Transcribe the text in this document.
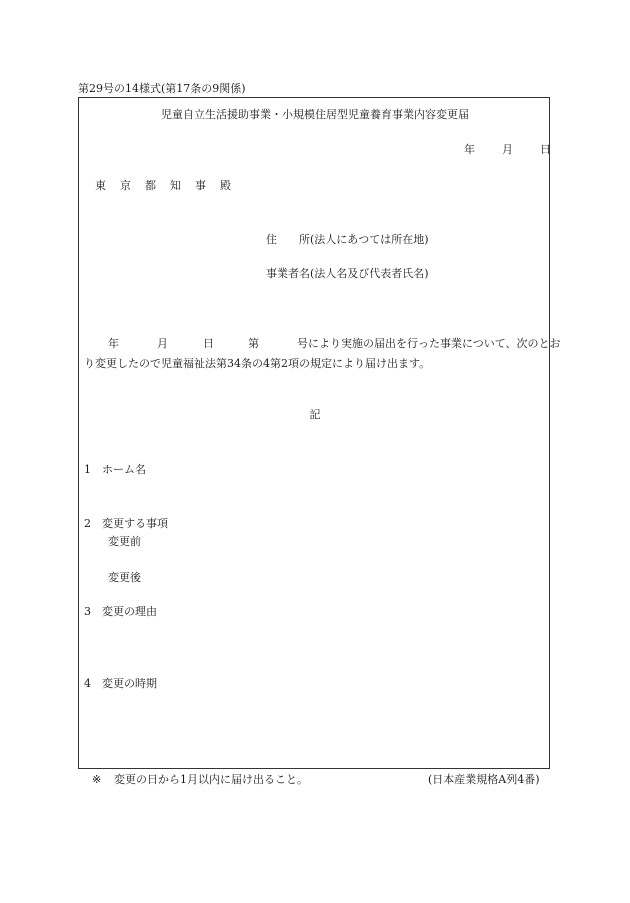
第29号の14様式(第17条の9関係)
児童自立生活援助事業・小規模住居型児童養育事業内容変更届
年 月 日
東 京 都 知 事 殿
住 所(法人にあつては所在地)
事業者名(法人名及び代表者氏名)
年	月	日	第	号により実施の届出を行った事業について、次のとお
り変更したので児童福祉法第34条の4第2項の規定により届け出ます。
記
1 ホーム名
2 変更する事項
変更前
変更後
3 変更の理由
4 変更の時期
※ 変更の日から1月以内に届け出ること。	(日本産業規格A列4番)
